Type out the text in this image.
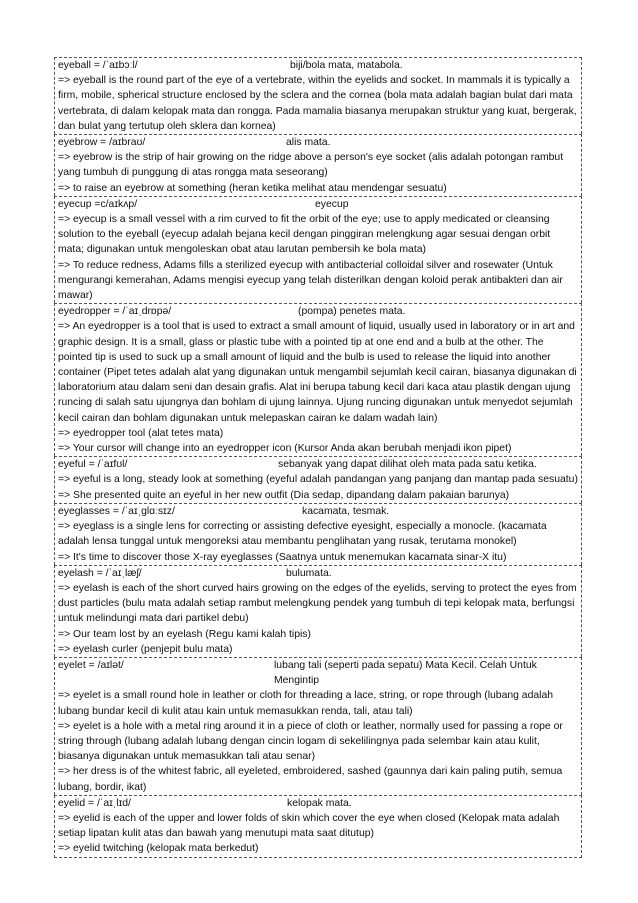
eyeball = /ˈaɪbɔːl/	biji/bola mata, matabola.

=> eyeball is the round part of the eye of a vertebrate, within the eyelids and socket. In mammals it is typically a firm, mobile, spherical structure enclosed by the sclera and the cornea (bola mata adalah bagian bulat dari mata vertebrata, di dalam kelopak mata dan rongga. Pada mamalia biasanya merupakan struktur yang kuat, bergerak, dan bulat yang tertutup oleh sklera dan kornea)

eyebrow = /aɪbraʊ/	alis mata.

=> eyebrow is the strip of hair growing on the ridge above a person's eye socket (alis adalah potongan rambut yang tumbuh di punggung di atas rongga mata seseorang)

=> to raise an eyebrow at something (heran ketika melihat atau mendengar sesuatu)

eyecup =c/aɪkʌp/	eyecup

=> eyecup is a small vessel with a rim curved to fit the orbit of the eye; use to apply medicated or cleansing solution to the eyeball (eyecup adalah bejana kecil dengan pinggiran melengkung agar sesuai dengan orbit mata; digunakan untuk mengoleskan obat atau larutan pembersih ke bola mata)

=> To reduce redness, Adams fills a sterilized eyecup with antibacterial colloidal silver and rosewater (Untuk mengurangi kemerahan, Adams mengisi eyecup yang telah disterilkan dengan koloid perak antibakteri dan air mawar)

eyedropper = /ˈaɪˌdrɒpə/	(pompa) penetes mata.

=> An eyedropper is a tool that is used to extract a small amount of liquid, usually used in laboratory or in art and graphic design. It is a small, glass or plastic tube with a pointed tip at one end and a bulb at the other. The pointed tip is used to suck up a small amount of liquid and the bulb is used to release the liquid into another container (Pipet tetes adalah alat yang digunakan untuk mengambil sejumlah kecil cairan, biasanya digunakan di laboratorium atau dalam seni dan desain grafis. Alat ini berupa tabung kecil dari kaca atau plastik dengan ujung runcing di salah satu ujungnya dan bohlam di ujung lainnya. Ujung runcing digunakan untuk menyedot sejumlah kecil cairan dan bohlam digunakan untuk melepaskan cairan ke dalam wadah lain)

=> eyedropper tool (alat tetes mata)

=> Your cursor will change into an eyedropper icon (Kursor Anda akan berubah menjadi ikon pipet)

eyeful = /ˈaɪfʊl/	sebanyak yang dapat dilihat oleh mata pada satu ketika.

=> eyeful is a long, steady look at something (eyeful adalah pandangan yang panjang dan mantap pada sesuatu)

=> She presented quite an eyeful in her new outfit (Dia sedap, dipandang dalam pakaian barunya)

eyeglasses = /ˈaɪˌɡlɑːsɪz/	kacamata, tesmak.

=> eyeglass is a single lens for correcting or assisting defective eyesight, especially a monocle. (kacamata adalah lensa tunggal untuk mengoreksi atau membantu penglihatan yang rusak, terutama monokel)

=> It's time to discover those X-ray eyeglasses (Saatnya untuk menemukan kacamata sinar-X itu)

eyelash = /ˈaɪˌlæʃ/	bulumata.

=> eyelash is each of the short curved hairs growing on the edges of the eyelids, serving to protect the eyes from dust particles (bulu mata adalah setiap rambut melengkung pendek yang tumbuh di tepi kelopak mata, berfungsi untuk melindungi mata dari partikel debu)

=> Our team lost by an eyelash (Regu kami kalah tipis)

=> eyelash curler (penjepit bulu mata)

eyelet = /aɪlət/	lubang tali (seperti pada sepatu) Mata Kecil. Celah Untuk Mengintip

=> eyelet is a small round hole in leather or cloth for threading a lace, string, or rope through (lubang adalah lubang bundar kecil di kulit atau kain untuk memasukkan renda, tali, atau tali)

=> eyelet is a hole with a metal ring around it in a piece of cloth or leather, normally used for passing a rope or string through (lubang adalah lubang dengan cincin logam di sekelilingnya pada selembar kain atau kulit, biasanya digunakan untuk memasukkan tali atau senar)

=> her dress is of the whitest fabric, all eyeleted, embroidered, sashed (gaunnya dari kain paling putih, semua lubang, bordir, ikat)

eyelid = /ˈaɪˌlɪd/	kelopak mata.

=> eyelid is each of the upper and lower folds of skin which cover the eye when closed (Kelopak mata adalah setiap lipatan kulit atas dan bawah yang menutupi mata saat ditutup)

=> eyelid twitching (kelopak mata berkedut)
